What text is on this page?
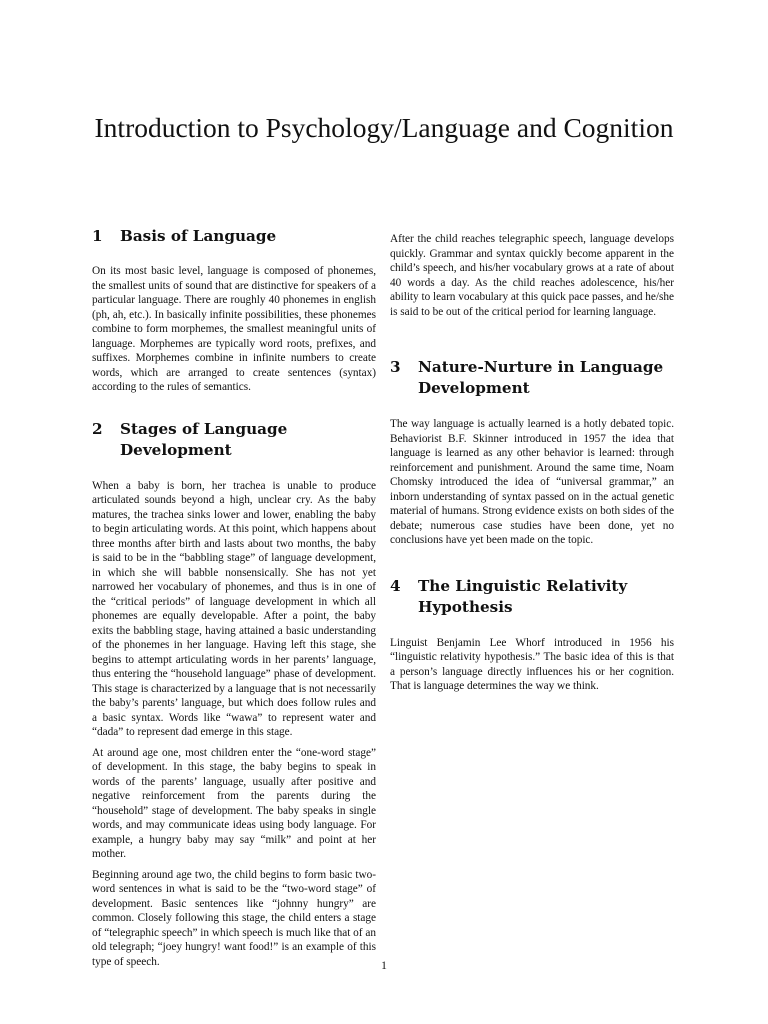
Introduction to Psychology/Language and Cognition
1	Basis of Language

On its most basic level, language is composed of phonemes, the smallest units of sound that are distinctive for speakers of a particular language. There are roughly 40 phonemes in english (ph, ah, etc.). In basically infinite possibilities, these phonemes combine to form morphemes, the smallest meaningful units of language. Morphemes are typically word roots, prefixes, and suffixes. Morphemes combine in infinite numbers to create words, which are arranged to create sentences (syntax) according to the rules of semantics.

2	Stages of Language Development

When a baby is born, her trachea is unable to produce articulated sounds beyond a high, unclear cry. As the baby matures, the trachea sinks lower and lower, enabling the baby to begin articulating words. At this point, which happens about three months after birth and lasts about two months, the baby is said to be in the “babbling stage” of language development, in which she will babble nonsensically. She has not yet narrowed her vocabulary of phonemes, and thus is in one of the “critical periods” of language development in which all phonemes are equally developable. After a point, the baby exits the babbling stage, having attained a basic understanding of the phonemes in her language. Having left this stage, she begins to attempt articulating words in her parents’ language, thus entering the “household language” phase of development. This stage is characterized by a language that is not necessarily the baby’s parents’ language, but which does follow rules and a basic syntax. Words like “wawa” to represent water and “dada” to represent dad emerge in this stage.

At around age one, most children enter the “one-word stage” of development. In this stage, the baby begins to speak in words of the parents’ language, usually after positive and negative reinforcement from the parents during the “household” stage of development. The baby speaks in single words, and may communicate ideas using body language. For example, a hungry baby may say “milk” and point at her mother.

Beginning around age two, the child begins to form basic two-word sentences in what is said to be the “two-word stage” of development. Basic sentences like “johnny hungry” are common. Closely following this stage, the child enters a stage of “telegraphic speech” in which speech is much like that of an old telegraph; “joey hungry! want food!” is an example of this type of speech.

After the child reaches telegraphic speech, language develops quickly. Grammar and syntax quickly become apparent in the child’s speech, and his/her vocabulary grows at a rate of about 40 words a day. As the child reaches adolescence, his/her ability to learn vocabulary at this quick pace passes, and he/she is said to be out of the critical period for learning language.

3	Nature-Nurture in Language Development

The way language is actually learned is a hotly debated topic. Behaviorist B.F. Skinner introduced in 1957 the idea that language is learned as any other behavior is learned: through reinforcement and punishment. Around the same time, Noam Chomsky introduced the idea of “universal grammar,” an inborn understanding of syntax passed on in the actual genetic material of humans. Strong evidence exists on both sides of the debate; numerous case studies have been done, yet no conclusions have yet been made on the topic.

4	The Linguistic Relativity Hypothesis

Linguist Benjamin Lee Whorf introduced in 1956 his “linguistic relativity hypothesis.” The basic idea of this is that a person’s language directly influences his or her cognition. That is language determines the way we think.

1
